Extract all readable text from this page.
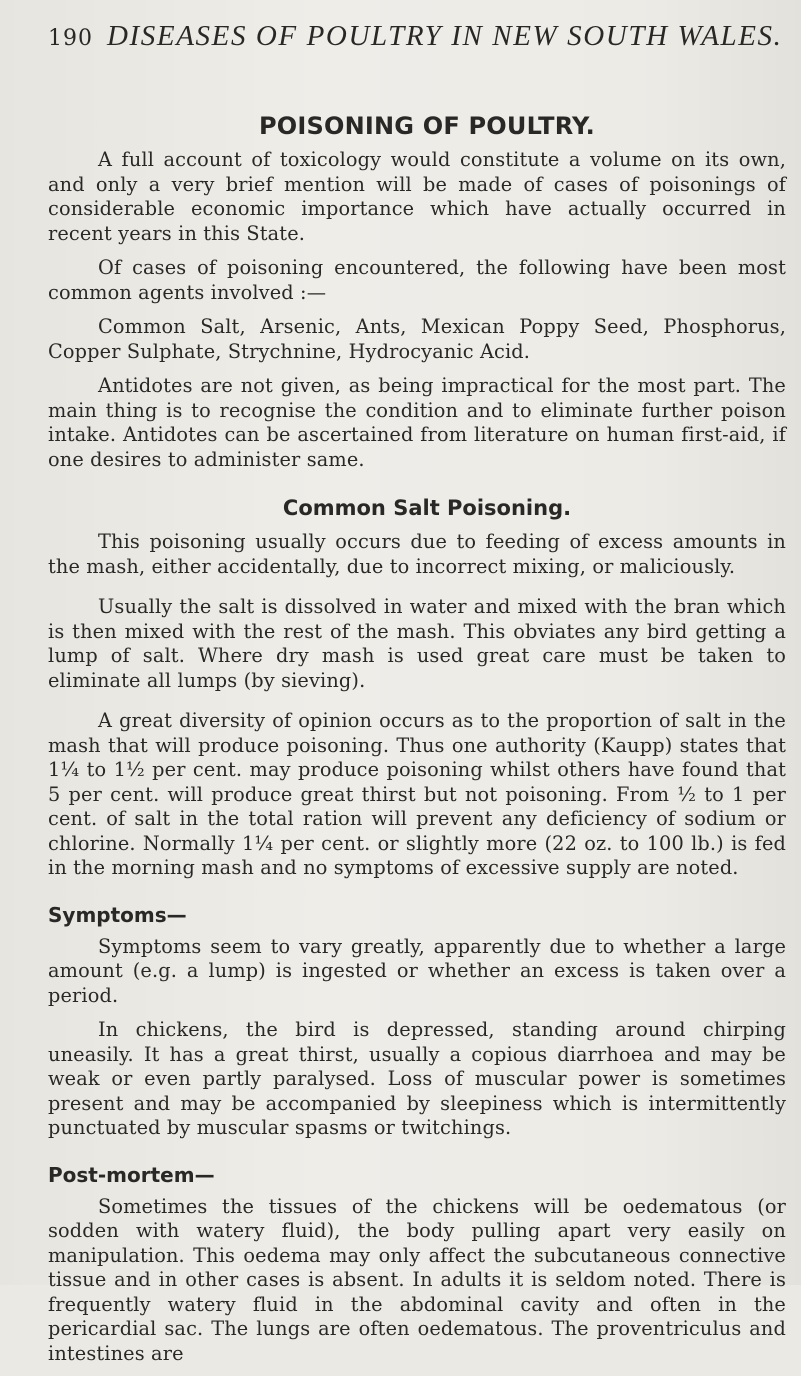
190 DISEASES OF POULTRY IN NEW SOUTH WALES.
POISONING OF POULTRY.

A full account of toxicology would constitute a volume on its own, and only a very brief mention will be made of cases of poisonings of considerable economic importance which have actually occurred in recent years in this State.

Of cases of poisoning encountered, the following have been most common agents involved :—

Common Salt, Arsenic, Ants, Mexican Poppy Seed, Phosphorus, Copper Sulphate, Strychnine, Hydrocyanic Acid.

Antidotes are not given, as being impractical for the most part. The main thing is to recognise the condition and to eliminate further poison intake. Antidotes can be ascertained from literature on human first-aid, if one desires to administer same.

Common Salt Poisoning.

This poisoning usually occurs due to feeding of excess amounts in the mash, either accidentally, due to incorrect mixing, or maliciously.

Usually the salt is dissolved in water and mixed with the bran which is then mixed with the rest of the mash. This obviates any bird getting a lump of salt. Where dry mash is used great care must be taken to eliminate all lumps (by sieving).

A great diversity of opinion occurs as to the proportion of salt in the mash that will produce poisoning. Thus one authority (Kaupp) states that 1¼ to 1½ per cent. may produce poisoning whilst others have found that 5 per cent. will produce great thirst but not poisoning. From ½ to 1 per cent. of salt in the total ration will prevent any deficiency of sodium or chlorine. Normally 1¼ per cent. or slightly more (22 oz. to 100 lb.) is fed in the morning mash and no symptoms of excessive supply are noted.

Symptoms—

Symptoms seem to vary greatly, apparently due to whether a large amount (e.g. a lump) is ingested or whether an excess is taken over a period.

In chickens, the bird is depressed, standing around chirping uneasily. It has a great thirst, usually a copious diarrhoea and may be weak or even partly paralysed. Loss of muscular power is sometimes present and may be accompanied by sleepiness which is intermittently punctuated by muscular spasms or twitchings.

Post-mortem—

Sometimes the tissues of the chickens will be oedematous (or sodden with watery fluid), the body pulling apart very easily on manipulation. This oedema may only affect the subcutaneous connective tissue and in other cases is absent. In adults it is seldom noted. There is frequently watery fluid in the abdominal cavity and often in the pericardial sac. The lungs are often oedematous. The proventriculus and intestines are
